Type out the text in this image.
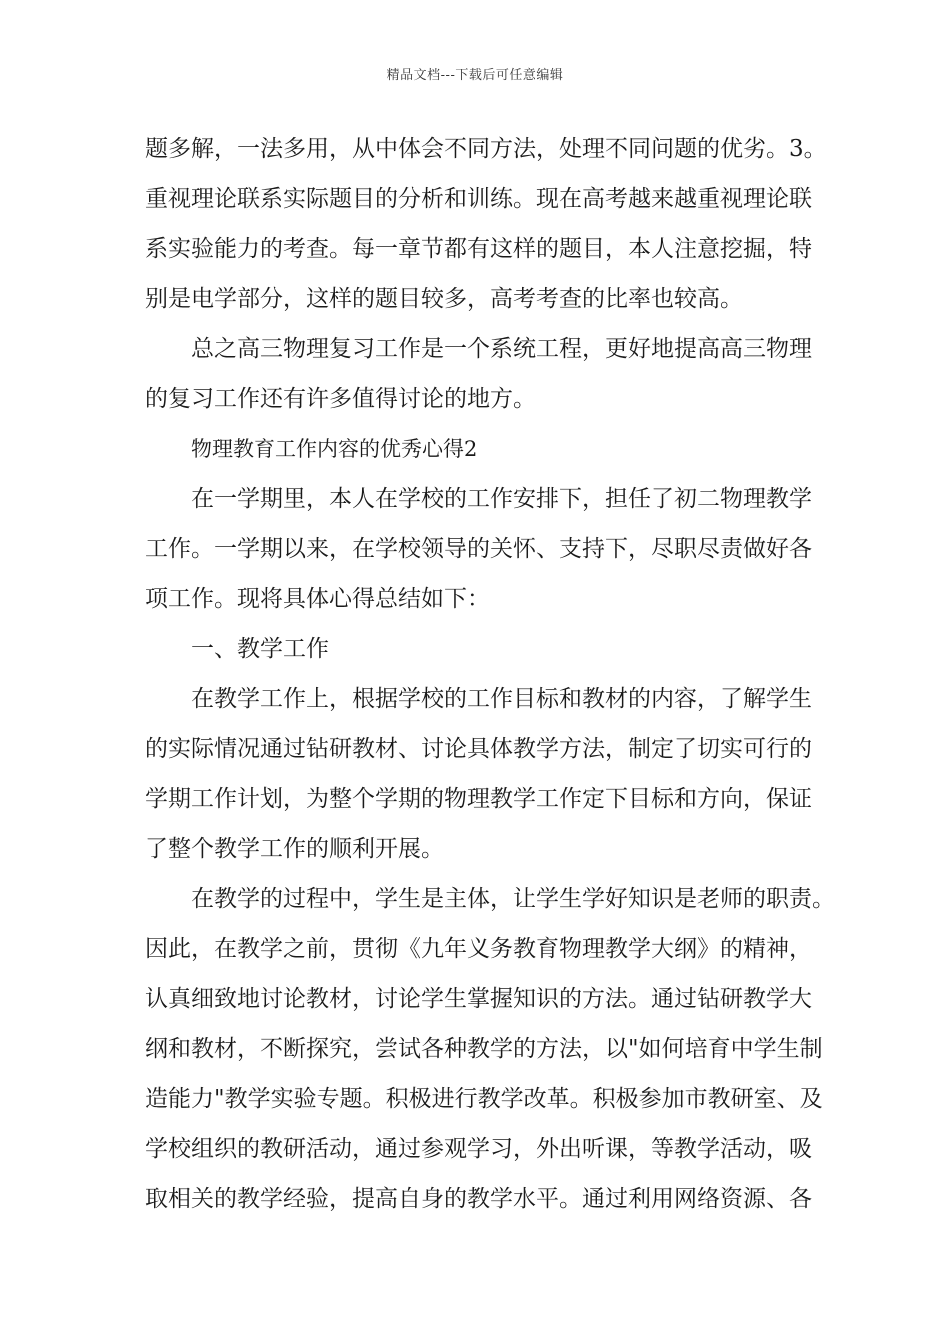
精品文档---下载后可任意编辑
题多解，一法多用，从中体会不同方法，处理不同问题的优劣。3。
重视理论联系实际题目的分析和训练。现在高考越来越重视理论联
系实验能力的考查。每一章节都有这样的题目，本人注意挖掘，特
别是电学部分，这样的题目较多，高考考查的比率也较高。
总之高三物理复习工作是一个系统工程，更好地提高高三物理
的复习工作还有许多值得讨论的地方。
物理教育工作内容的优秀心得2
在一学期里，本人在学校的工作安排下，担任了初二物理教学
工作。一学期以来，在学校领导的关怀、支持下，尽职尽责做好各
项工作。现将具体心得总结如下：
一、教学工作
在教学工作上，根据学校的工作目标和教材的内容，了解学生
的实际情况通过钻研教材、讨论具体教学方法，制定了切实可行的
学期工作计划，为整个学期的物理教学工作定下目标和方向，保证
了整个教学工作的顺利开展。
在教学的过程中，学生是主体，让学生学好知识是老师的职责。
因此，在教学之前，贯彻《九年义务教育物理教学大纲》的精神，
认真细致地讨论教材，讨论学生掌握知识的方法。通过钻研教学大
纲和教材，不断探究，尝试各种教学的方法，以"如何培育中学生制
造能力"教学实验专题。积极进行教学改革。积极参加市教研室、及
学校组织的教研活动，通过参观学习，外出听课，等教学活动，吸
取相关的教学经验，提高自身的教学水平。通过利用网络资源、各
